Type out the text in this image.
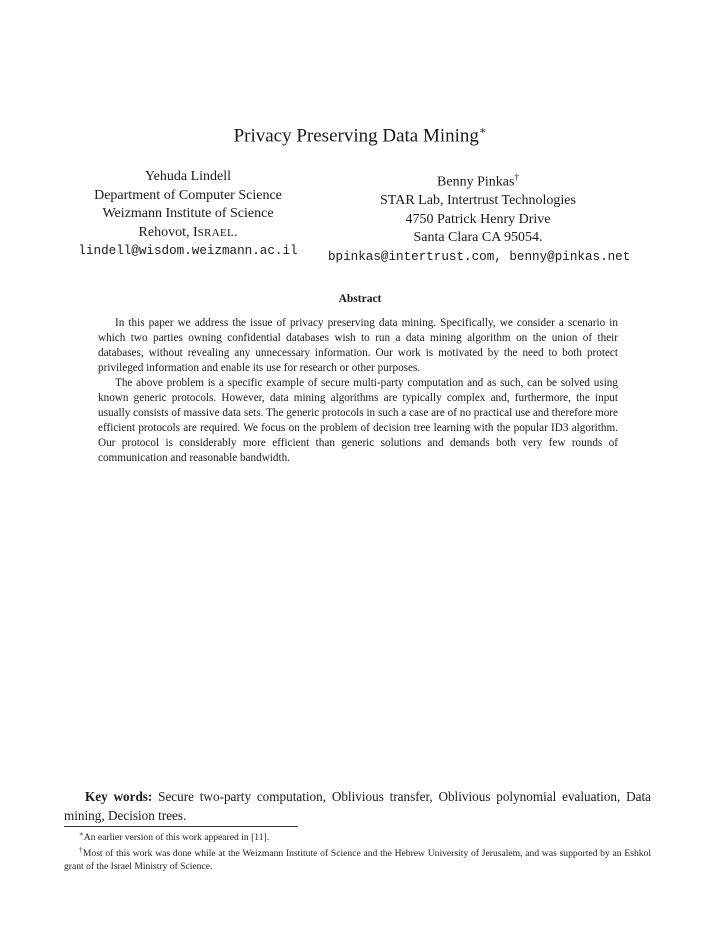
Privacy Preserving Data Mining∗
Yehuda Lindell
Department of Computer Science
Weizmann Institute of Science
Rehovot, ISRAEL.
lindell@wisdom.weizmann.ac.il
Benny Pinkas†
STAR Lab, Intertrust Technologies
4750 Patrick Henry Drive
Santa Clara CA 95054.
bpinkas@intertrust.com, benny@pinkas.net
Abstract

In this paper we address the issue of privacy preserving data mining. Specifically, we consider a scenario in which two parties owning confidential databases wish to run a data mining algorithm on the union of their databases, without revealing any unnecessary information. Our work is motivated by the need to both protect privileged information and enable its use for research or other purposes.

The above problem is a specific example of secure multi-party computation and as such, can be solved using known generic protocols. However, data mining algorithms are typically complex and, furthermore, the input usually consists of massive data sets. The generic protocols in such a case are of no practical use and therefore more efficient protocols are required. We focus on the problem of decision tree learning with the popular ID3 algorithm. Our protocol is considerably more efficient than generic solutions and demands both very few rounds of communication and reasonable bandwidth.

Key words: Secure two-party computation, Oblivious transfer, Oblivious polynomial evaluation, Data mining, Decision trees.

∗An earlier version of this work appeared in [11].

†Most of this work was done while at the Weizmann Institute of Science and the Hebrew University of Jerusalem, and was supported by an Eshkol grant of the Israel Ministry of Science.
